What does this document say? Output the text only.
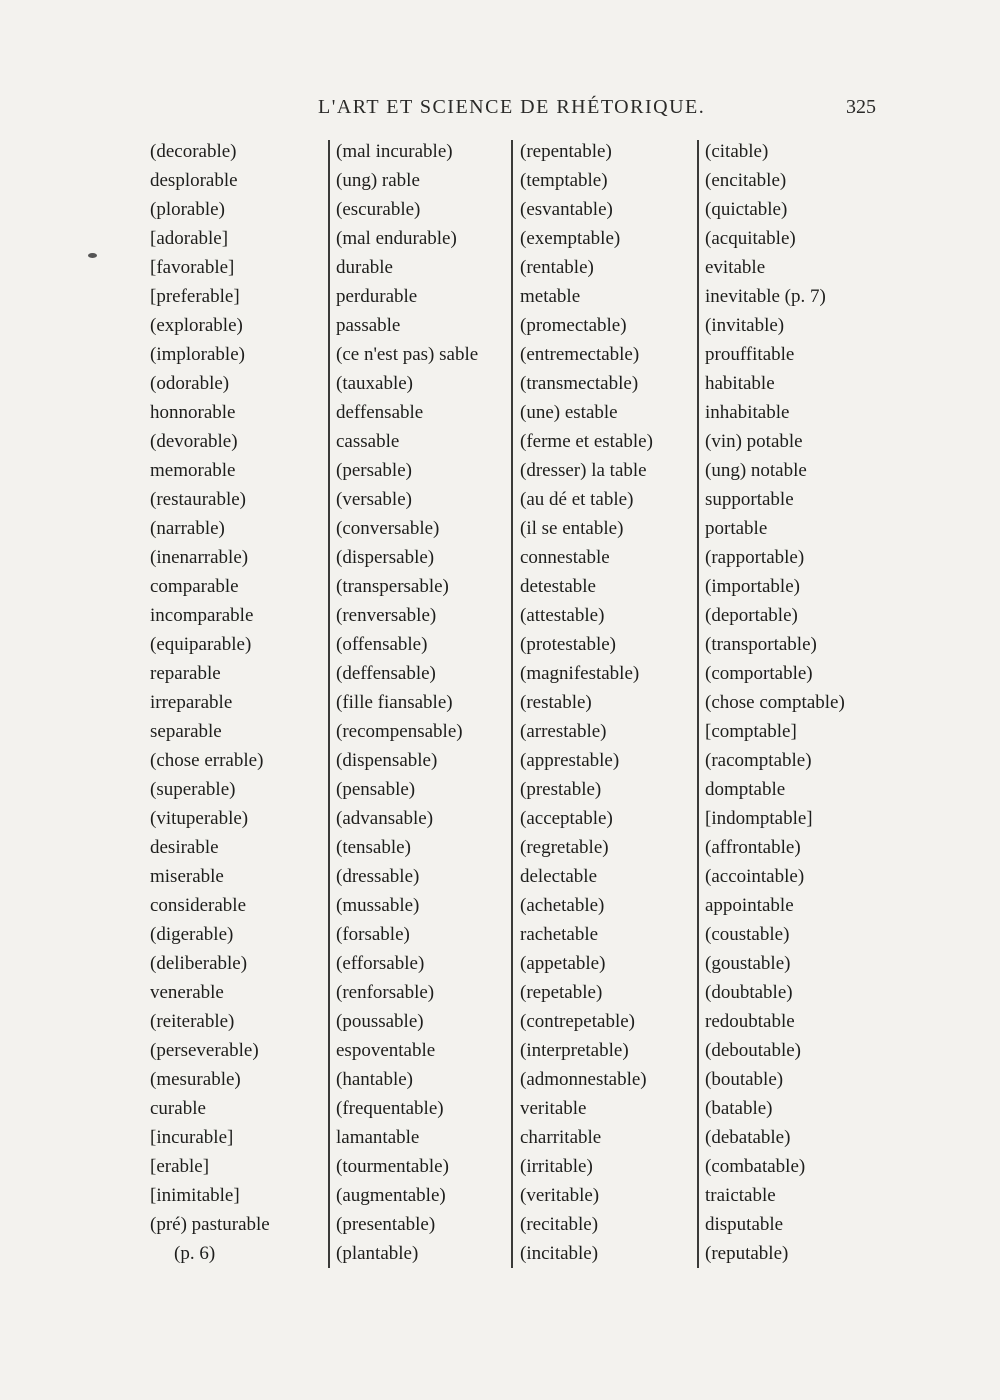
L'ART ET SCIENCE DE RHÉTORIQUE.	325
(decorable)
desplorable
(plorable)
[adorable]
[favorable]
[preferable]
(explorable)
(implorable)
(odorable)
honnorable
(devorable)
memorable
(restaurable)
(narrable)
(inenarrable)
comparable
incomparable
(equiparable)
reparable
irreparable
separable
(chose errable)
(superable)
(vituperable)
desirable
miserable
considerable
(digerable)
(deliberable)
venerable
(reiterable)
(perseverable)
(mesurable)
curable
[incurable]
[erable]
[inimitable]
(pré) pasturable
(p. 6)
(mal incurable)
(ung) rable
(escurable)
(mal endurable)
durable
perdurable
passable
(ce n'est pas) sable
(tauxable)
deffensable
cassable
(persable)
(versable)
(conversable)
(dispersable)
(transpersable)
(renversable)
(offensable)
(deffensable)
(fille fiansable)
(recompensable)
(dispensable)
(pensable)
(advansable)
(tensable)
(dressable)
(mussable)
(forsable)
(efforsable)
(renforsable)
(poussable)
espoventable
(hantable)
(frequentable)
lamantable
(tourmentable)
(augmentable)
(presentable)
(plantable)
(repentable)
(temptable)
(esvantable)
(exemptable)
(rentable)
metable
(promectable)
(entremectable)
(transmectable)
(une) estable
(ferme et estable)
(dresser) la table
(au dé et table)
(il se entable)
connestable
detestable
(attestable)
(protestable)
(magnifestable)
(restable)
(arrestable)
(apprestable)
(prestable)
(acceptable)
(regretable)
delectable
(achetable)
rachetable
(appetable)
(repetable)
(contrepetable)
(interpretable)
(admonnestable)
veritable
charritable
(irritable)
(veritable)
(recitable)
(incitable)
(citable)
(encitable)
(quictable)
(acquitable)
evitable
inevitable (p. 7)
(invitable)
prouffitable
habitable
inhabitable
(vin) potable
(ung) notable
supportable
portable
(rapportable)
(importable)
(deportable)
(transportable)
(comportable)
(chose comptable)
[comptable]
(racomptable)
domptable
[indomptable]
(affrontable)
(accointable)
appointable
(coustable)
(goustable)
(doubtable)
redoubtable
(deboutable)
(boutable)
(batable)
(debatable)
(combatable)
traictable
disputable
(reputable)
